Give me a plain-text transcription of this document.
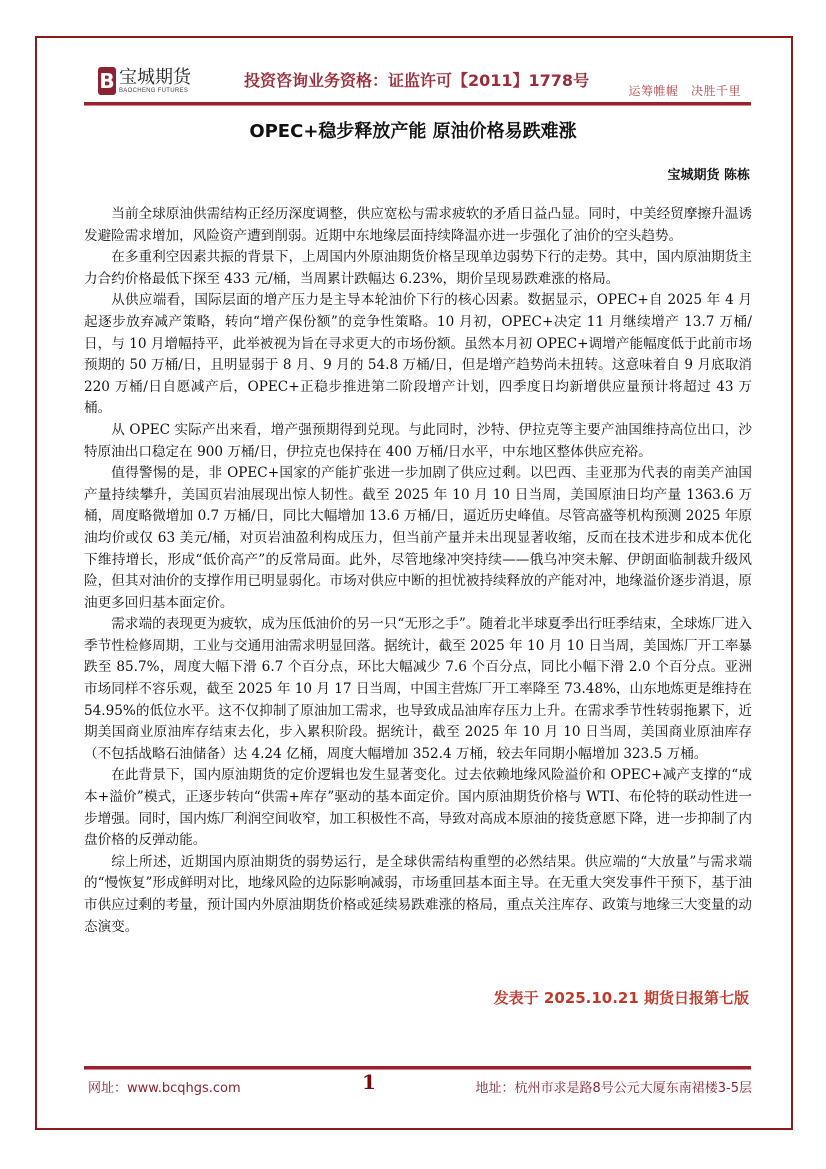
B 宝城期货
BAOCHENG FUTURES
投资咨询业务资格：证监许可【2011】1778号
运筹帷幄　决胜千里
OPEC+稳步释放产能 原油价格易跌难涨
宝城期货 陈栋

当前全球原油供需结构正经历深度调整，供应宽松与需求疲软的矛盾日益凸显。同时，中美经贸摩擦升温诱发避险需求增加，风险资产遭到削弱。近期中东地缘层面持续降温亦进一步强化了油价的空头趋势。

在多重利空因素共振的背景下，上周国内外原油期货价格呈现单边弱势下行的走势。其中，国内原油期货主力合约价格最低下探至 433 元/桶，当周累计跌幅达 6.23%，期价呈现易跌难涨的格局。

从供应端看，国际层面的增产压力是主导本轮油价下行的核心因素。数据显示，OPEC+自 2025 年 4 月起逐步放弃减产策略，转向“增产保份额”的竞争性策略。10 月初，OPEC+决定 11 月继续增产 13.7 万桶/日，与 10 月增幅持平，此举被视为旨在寻求更大的市场份额。虽然本月初 OPEC+调增产能幅度低于此前市场预期的 50 万桶/日，且明显弱于 8 月、9 月的 54.8 万桶/日，但是增产趋势尚未扭转。这意味着自 9 月底取消 220 万桶/日自愿减产后，OPEC+正稳步推进第二阶段增产计划，四季度日均新增供应量预计将超过 43 万桶。

从 OPEC 实际产出来看，增产强预期得到兑现。与此同时，沙特、伊拉克等主要产油国维持高位出口，沙特原油出口稳定在 900 万桶/日，伊拉克也保持在 400 万桶/日水平，中东地区整体供应充裕。

值得警惕的是，非 OPEC+国家的产能扩张进一步加剧了供应过剩。以巴西、圭亚那为代表的南美产油国产量持续攀升，美国页岩油展现出惊人韧性。截至 2025 年 10 月 10 日当周，美国原油日均产量 1363.6 万桶，周度略微增加 0.7 万桶/日，同比大幅增加 13.6 万桶/日，逼近历史峰值。尽管高盛等机构预测 2025 年原油均价或仅 63 美元/桶，对页岩油盈利构成压力，但当前产量并未出现显著收缩，反而在技术进步和成本优化下维持增长，形成“低价高产”的反常局面。此外，尽管地缘冲突持续——俄乌冲突未解、伊朗面临制裁升级风险，但其对油价的支撑作用已明显弱化。市场对供应中断的担忧被持续释放的产能对冲，地缘溢价逐步消退，原油更多回归基本面定价。

需求端的表现更为疲软，成为压低油价的另一只“无形之手”。随着北半球夏季出行旺季结束，全球炼厂进入季节性检修周期，工业与交通用油需求明显回落。据统计，截至 2025 年 10 月 10 日当周，美国炼厂开工率暴跌至 85.7%，周度大幅下滑 6.7 个百分点，环比大幅减少 7.6 个百分点，同比小幅下滑 2.0 个百分点。亚洲市场同样不容乐观，截至 2025 年 10 月 17 日当周，中国主营炼厂开工率降至 73.48%，山东地炼更是维持在 54.95%的低位水平。这不仅抑制了原油加工需求，也导致成品油库存压力上升。在需求季节性转弱拖累下，近期美国商业原油库存结束去化，步入累积阶段。据统计，截至 2025 年 10 月 10 日当周，美国商业原油库存（不包括战略石油储备）达 4.24 亿桶，周度大幅增加 352.4 万桶，较去年同期小幅增加 323.5 万桶。

在此背景下，国内原油期货的定价逻辑也发生显著变化。过去依赖地缘风险溢价和 OPEC+减产支撑的“成本+溢价”模式，正逐步转向“供需+库存”驱动的基本面定价。国内原油期货价格与 WTI、布伦特的联动性进一步增强。同时，国内炼厂利润空间收窄，加工积极性不高，导致对高成本原油的接货意愿下降，进一步抑制了内盘价格的反弹动能。

综上所述，近期国内原油期货的弱势运行，是全球供需结构重塑的必然结果。供应端的“大放量”与需求端的“慢恢复”形成鲜明对比，地缘风险的边际影响减弱，市场重回基本面主导。在无重大突发事件干预下，基于油市供应过剩的考量，预计国内外原油期货价格或延续易跌难涨的格局，重点关注库存、政策与地缘三大变量的动态演变。

发表于 2025.10.21 期货日报第七版
网址：www.bcqhgs.com	1	地址：杭州市求是路8号公元大厦东南裙楼3-5层
